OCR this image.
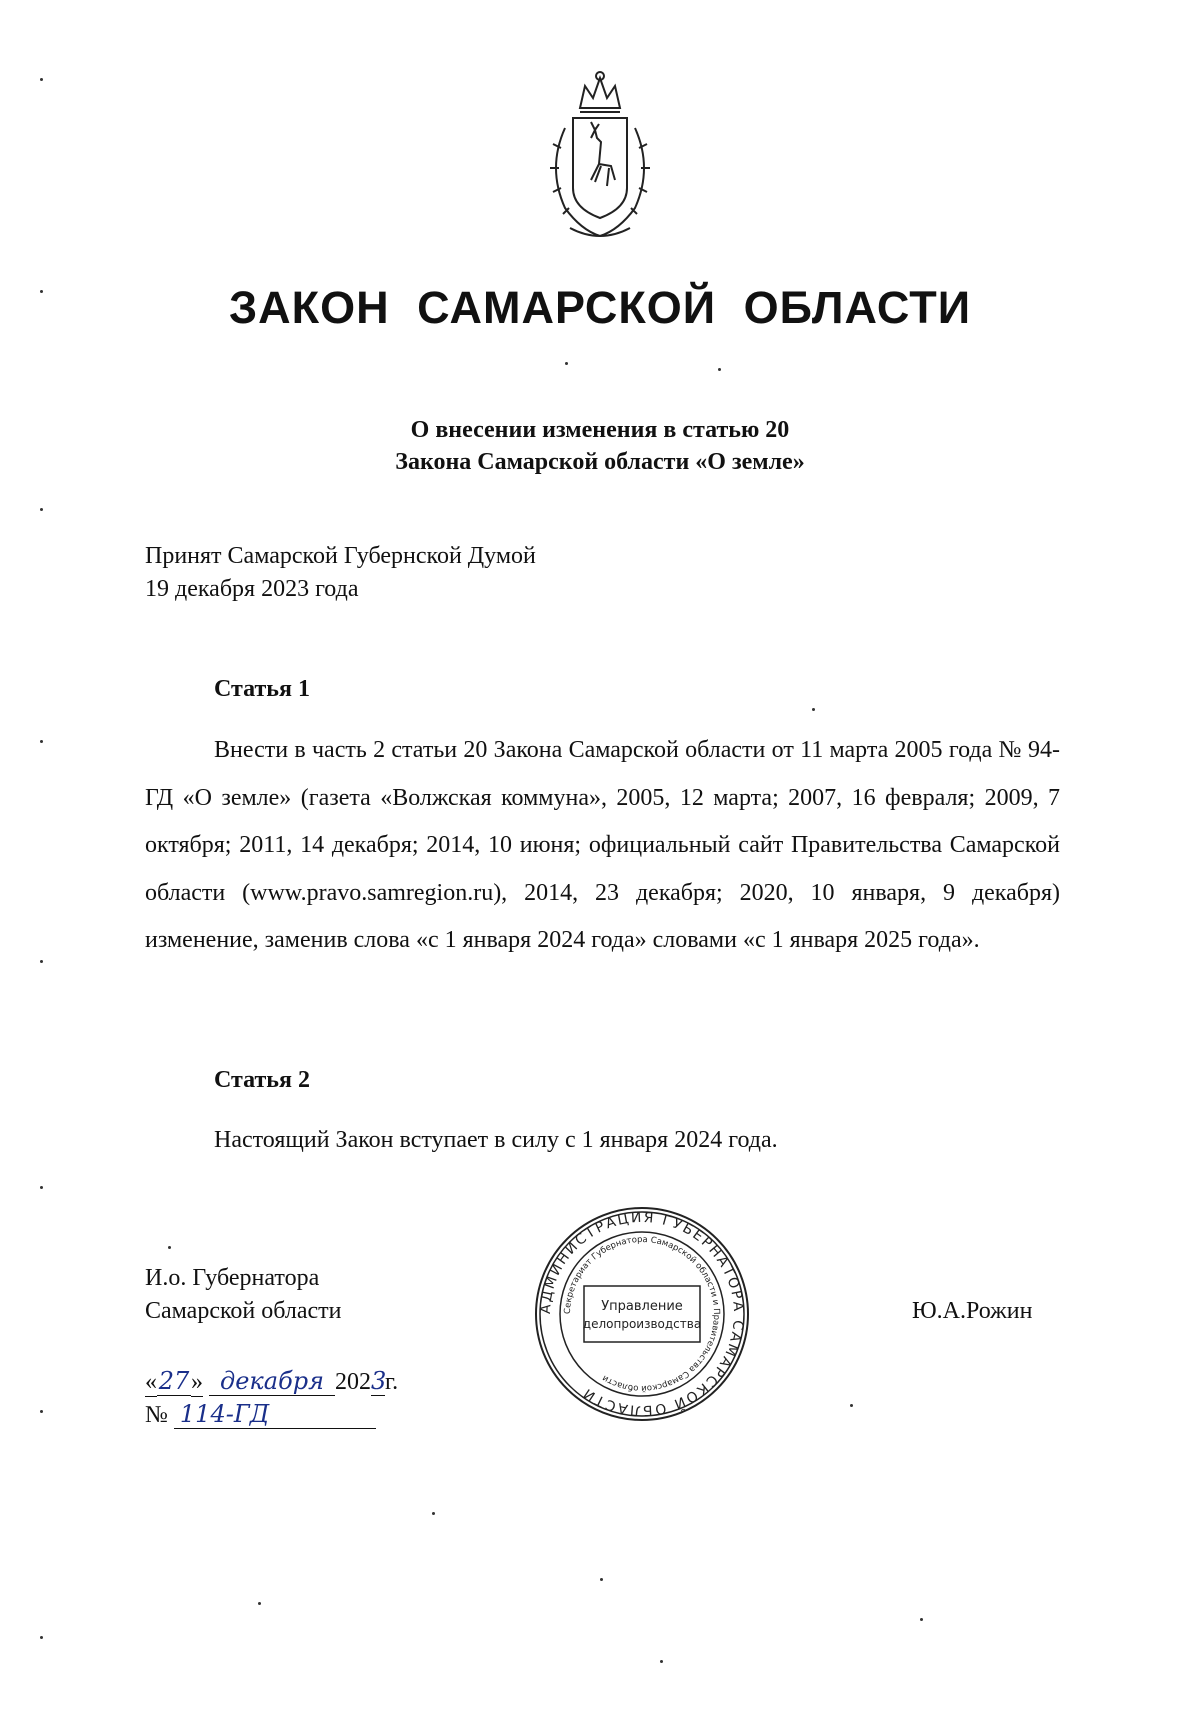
ЗАКОН САМАРСКОЙ ОБЛАСТИ
О внесении изменения в статью 20
Закона Самарской области «О земле»
Принят Самарской Губернской Думой
19 декабря 2023 года
Статья 1
Внести в часть 2 статьи 20 Закона Самарской области от 11 марта 2005 года № 94-ГД «О земле» (газета «Волжская коммуна», 2005, 12 марта; 2007, 16 февраля; 2009, 7 октября; 2011, 14 декабря; 2014, 10 июня; официальный сайт Правительства Самарской области (www.pravo.samregion.ru), 2014, 23 декабря; 2020, 10 января, 9 декабря) изменение, заменив слова «с 1 января 2024 года» словами «с 1 января 2025 года».
Статья 2
Настоящий Закон вступает в силу с 1 января 2024 года.
И.о. Губернатора
Самарской области	Ю.А.Рожин
«27» декабря 2023г.
№ 114-ГД
АДМИНИСТРАЦИЯ ГУБЕРНАТОРА САМАРСКОЙ ОБЛАСТИ
Секретариат Губернатора Самарской области и Правительства Самарской области
Управление
делопроизводства
